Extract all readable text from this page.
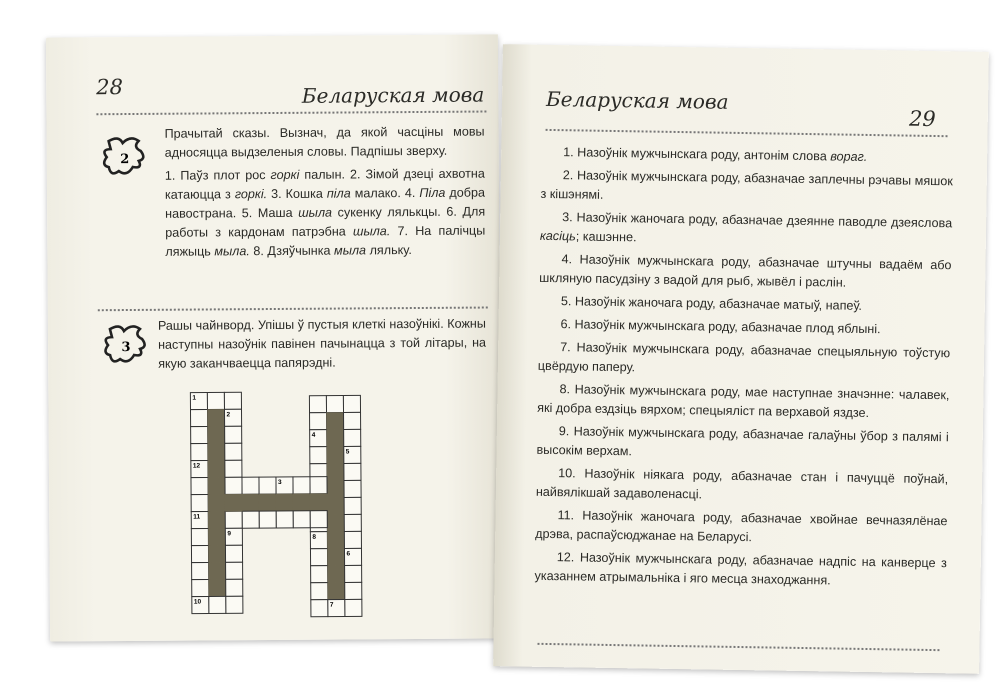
28	Беларуская мова
2

Прачытай сказы. Вызнач, да якой часціны мовы адносяцца выдзеленыя словы. Падпішы зверху.

1. Паўз плот рос горкі палын. 2. Зімой дзеці ахвотна катаюцца з горкі. 3. Кошка піла малако. 4. Піла добра навострана. 5. Маша шыла сукенку лялькцы. 6. Для работы з кардонам патрэбна шыла. 7. На палічцы ляжыць мыла. 8. Дзяўчынка мыла ляльку.

3

Рашы чайнворд. Упішы ў пустыя клеткі назоўнікі. Кожны наступны назоўнік павінен пачынацца з той літары, на якую заканчваецца папярэдні.

1
2
3
4
5
6
7
8
9
10
11
12
Беларуская мова
29

1. Назоўнік мужчынскага роду, антонім слова вораг.

2. Назоўнік мужчынскага роду, абазначае заплечны рэчавы мяшок з кішэнямі.

3. Назоўнік жаночага роду, абазначае дзеянне паводле дзеяслова касіць; кашэнне.

4. Назоўнік мужчынскага роду, абазначае штучны вадаём або шкляную пасудзіну з вадой для рыб, жывёл і раслін.

5. Назоўнік жаночага роду, абазначае матыў, напеў.

6. Назоўнік мужчынскага роду, абазначае плод яблыні.

7. Назоўнік мужчынскага роду, абазначае спецыяльную тоўстую цвёрдую паперу.

8. Назоўнік мужчынскага роду, мае наступнае значэнне: чалавек, які добра ездзіць вярхом; спецыяліст па верхавой яздзе.

9. Назоўнік мужчынскага роду, абазначае галаўны ўбор з палямі і высокім верхам.

10. Назоўнік ніякага роду, абазначае стан і пачуццё поўнай, найвялікшай задаволенасці.

11. Назоўнік жаночага роду, абазначае хвойнае вечназялёнае дрэва, распаўсюджанае на Беларусі.

12. Назоўнік мужчынскага роду, абазначае надпіс на канверце з указаннем атрымальніка і яго месца знаходжання.
